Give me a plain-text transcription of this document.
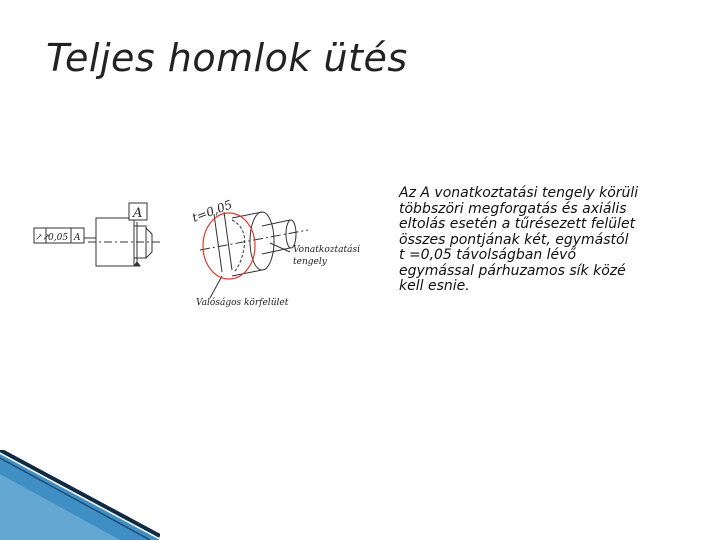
Teljes homlok ütés
A
↗↗
0,05 A
t=0,05
Vonatkoztatási
tengely
Valóságos körfelület
Az A vonatkoztatási tengely körüli
többszöri megforgatás és axiális
eltolás esetén a tűrésezett felület
összes pontjának két, egymástól
t =0,05 távolságban lévő
egymással párhuzamos sík közé
kell esnie.
